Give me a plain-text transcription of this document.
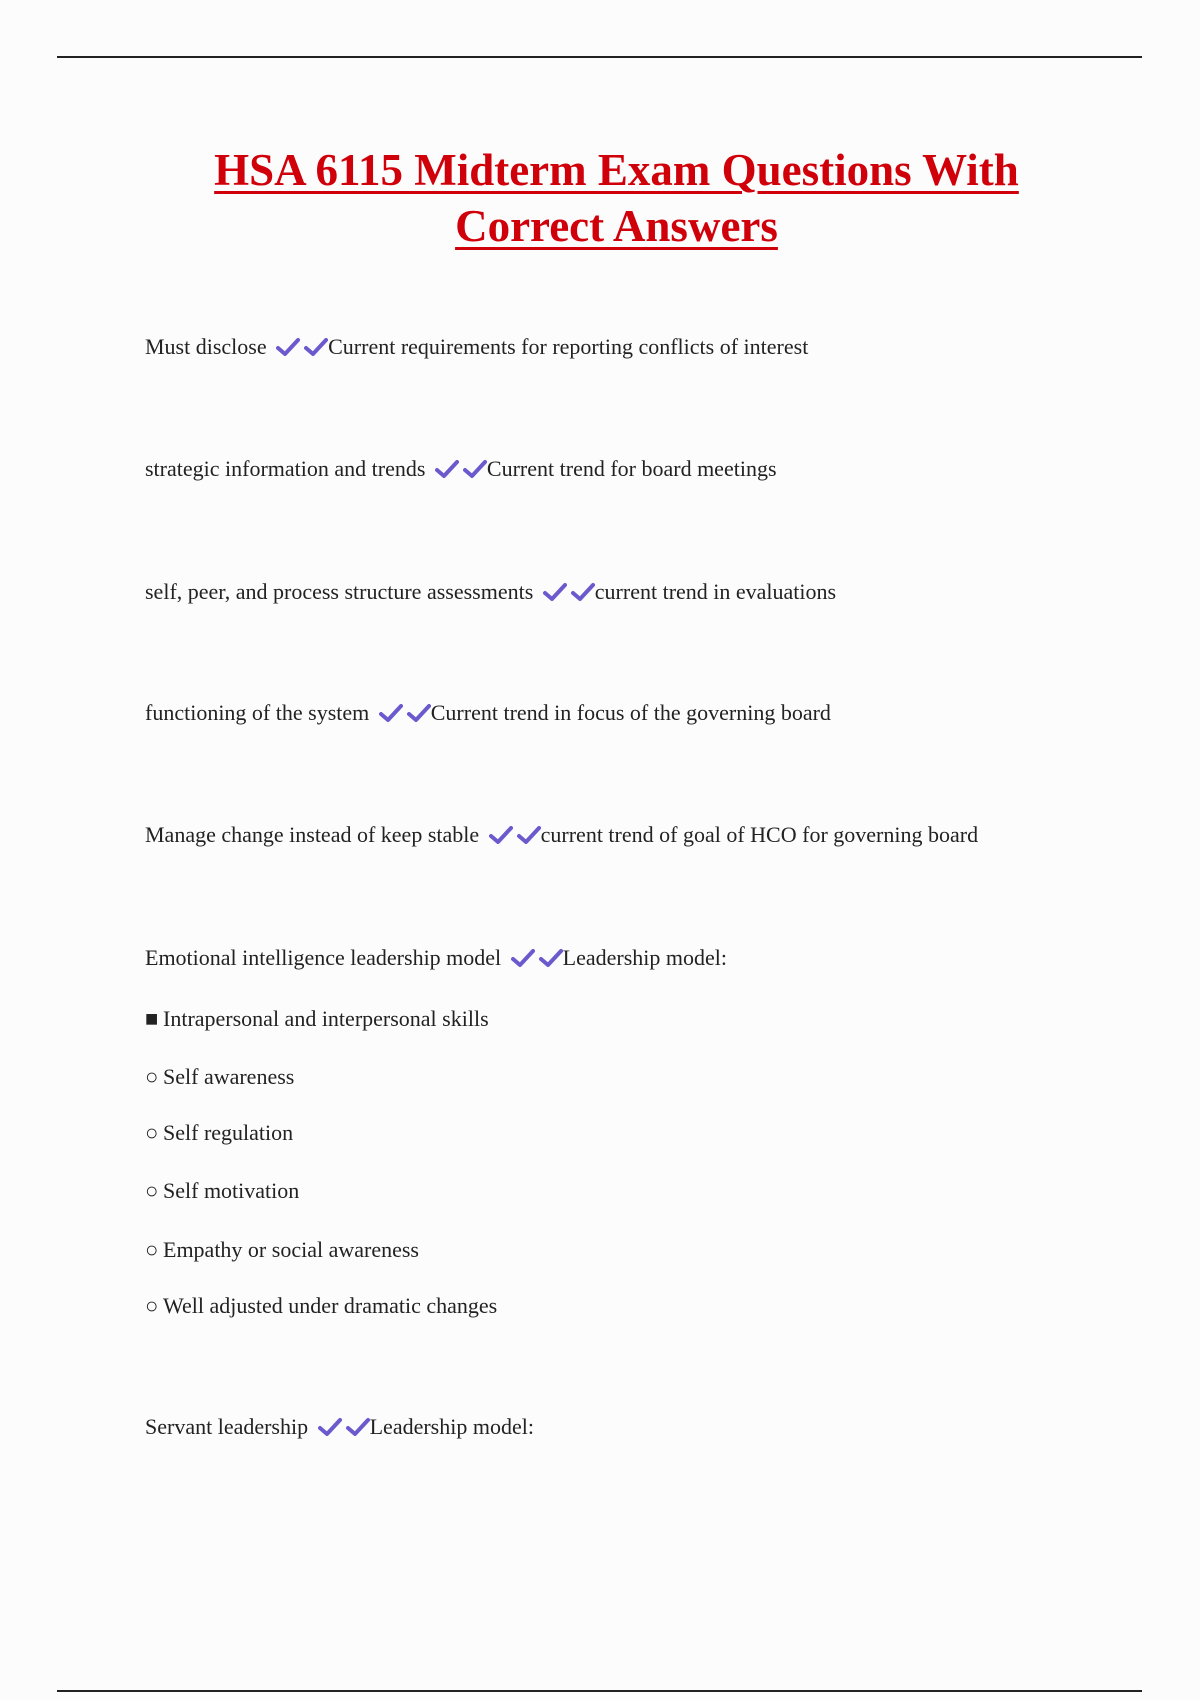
HSA 6115 Midterm Exam Questions With
Correct Answers
Must disclose	Current requirements for reporting conflicts of interest
strategic information and trends	Current trend for board meetings
self, peer, and process structure assessments	current trend in evaluations
functioning of the system	Current trend in focus of the governing board
Manage change instead of keep stable	current trend of goal of HCO for governing board
Emotional intelligence leadership model	Leadership model:
Servant leadership	Leadership model:
■ Intrapersonal and interpersonal skills
○ Self awareness
○ Self regulation
○ Self motivation
○ Empathy or social awareness
○ Well adjusted under dramatic changes
